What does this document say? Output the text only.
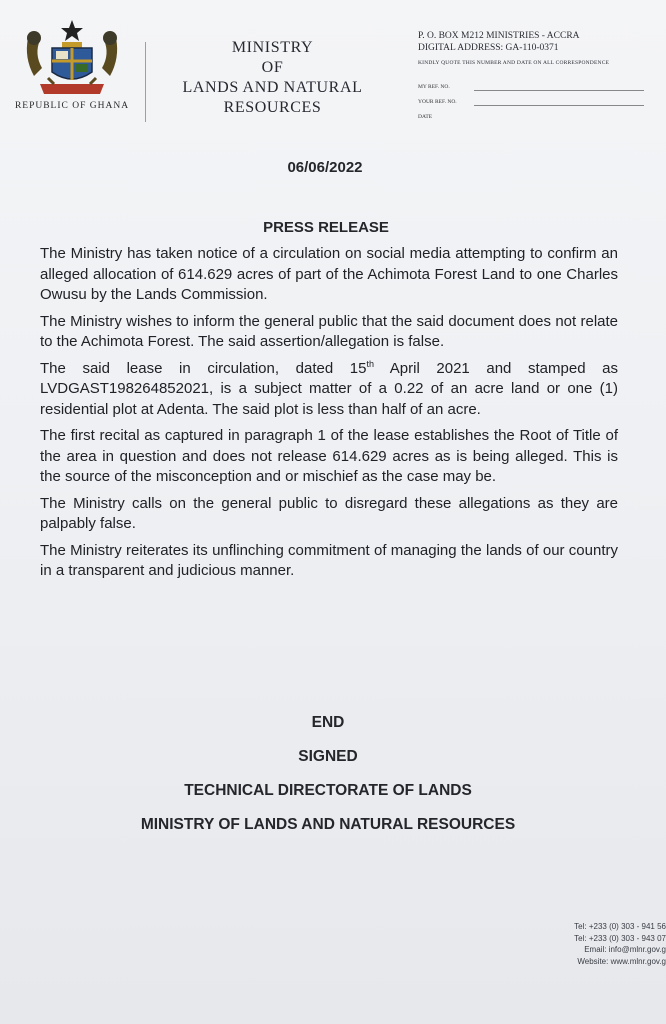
REPUBLIC OF GHANA
MINISTRY
OF
LANDS AND NATURAL
RESOURCES
P. O. BOX M212 MINISTRIES - ACCRA
DIGITAL ADDRESS: GA-110-0371
KINDLY QUOTE THIS NUMBER AND DATE ON ALL CORRESPONDENCE
MY REF. NO.
YOUR REF. NO.
DATE
06/06/2022
PRESS RELEASE

The Ministry has taken notice of a circulation on social media attempting to confirm an alleged allocation of 614.629 acres of part of the Achimota Forest Land to one Charles Owusu by the Lands Commission.

The Ministry wishes to inform the general public that the said document does not relate to the Achimota Forest. The said assertion/allegation is false.

The said lease in circulation, dated 15th April 2021 and stamped as LVDGAST198264852021, is a subject matter of a 0.22 of an acre land or one (1) residential plot at Adenta. The said plot is less than half of an acre.

The first recital as captured in paragraph 1 of the lease establishes the Root of Title of the area in question and does not release 614.629 acres as is being alleged. This is the source of the misconception and or mischief as the case may be.

The Ministry calls on the general public to disregard these allegations as they are palpably false.

The Ministry reiterates its unflinching commitment of managing the lands of our country in a transparent and judicious manner.

END
SIGNED
TECHNICAL DIRECTORATE OF LANDS
MINISTRY OF LANDS AND NATURAL RESOURCES
Tel: +233 (0) 303 - 941 56
Tel: +233 (0) 303 - 943 07
Email: info@mlnr.gov.g
Website: www.mlnr.gov.g
